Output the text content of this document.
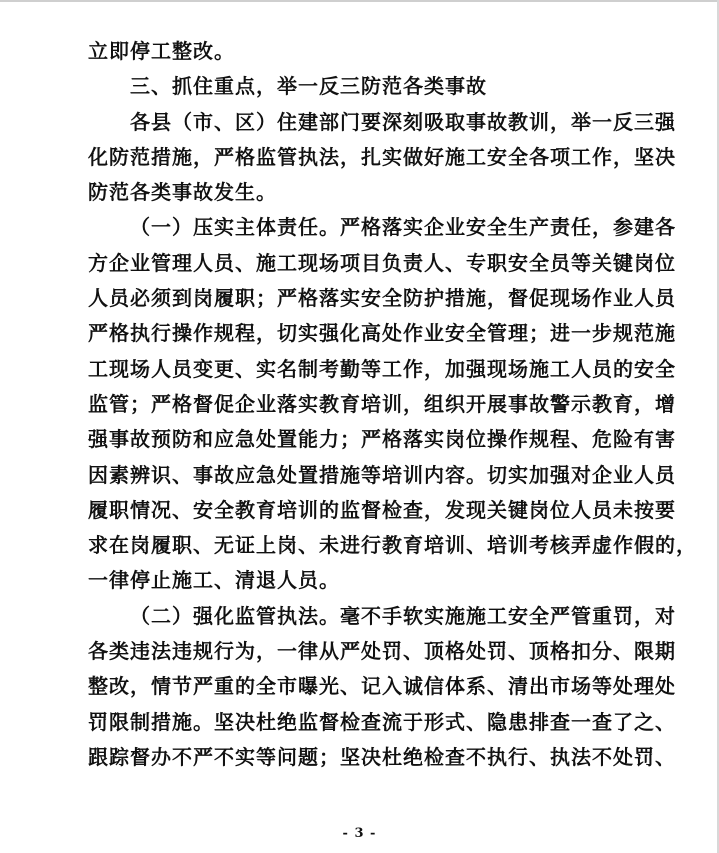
立即停工整改。
三、抓住重点，举一反三防范各类事故
各县（市、区）住建部门要深刻吸取事故教训，举一反三强
化防范措施，严格监管执法，扎实做好施工安全各项工作，坚决
防范各类事故发生。
（一）压实主体责任。严格落实企业安全生产责任，参建各
方企业管理人员、施工现场项目负责人、专职安全员等关键岗位
人员必须到岗履职；严格落实安全防护措施，督促现场作业人员
严格执行操作规程，切实强化高处作业安全管理；进一步规范施
工现场人员变更、实名制考勤等工作，加强现场施工人员的安全
监管；严格督促企业落实教育培训，组织开展事故警示教育，增
强事故预防和应急处置能力；严格落实岗位操作规程、危险有害
因素辨识、事故应急处置措施等培训内容。切实加强对企业人员
履职情况、安全教育培训的监督检查，发现关键岗位人员未按要
求在岗履职、无证上岗、未进行教育培训、培训考核弄虚作假的，
一律停止施工、清退人员。
（二）强化监管执法。毫不手软实施施工安全严管重罚，对
各类违法违规行为，一律从严处罚、顶格处罚、顶格扣分、限期
整改，情节严重的全市曝光、记入诚信体系、清出市场等处理处
罚限制措施。坚决杜绝监督检查流于形式、隐患排查一查了之、
跟踪督办不严不实等问题；坚决杜绝检查不执行、执法不处罚、
- 3 -
